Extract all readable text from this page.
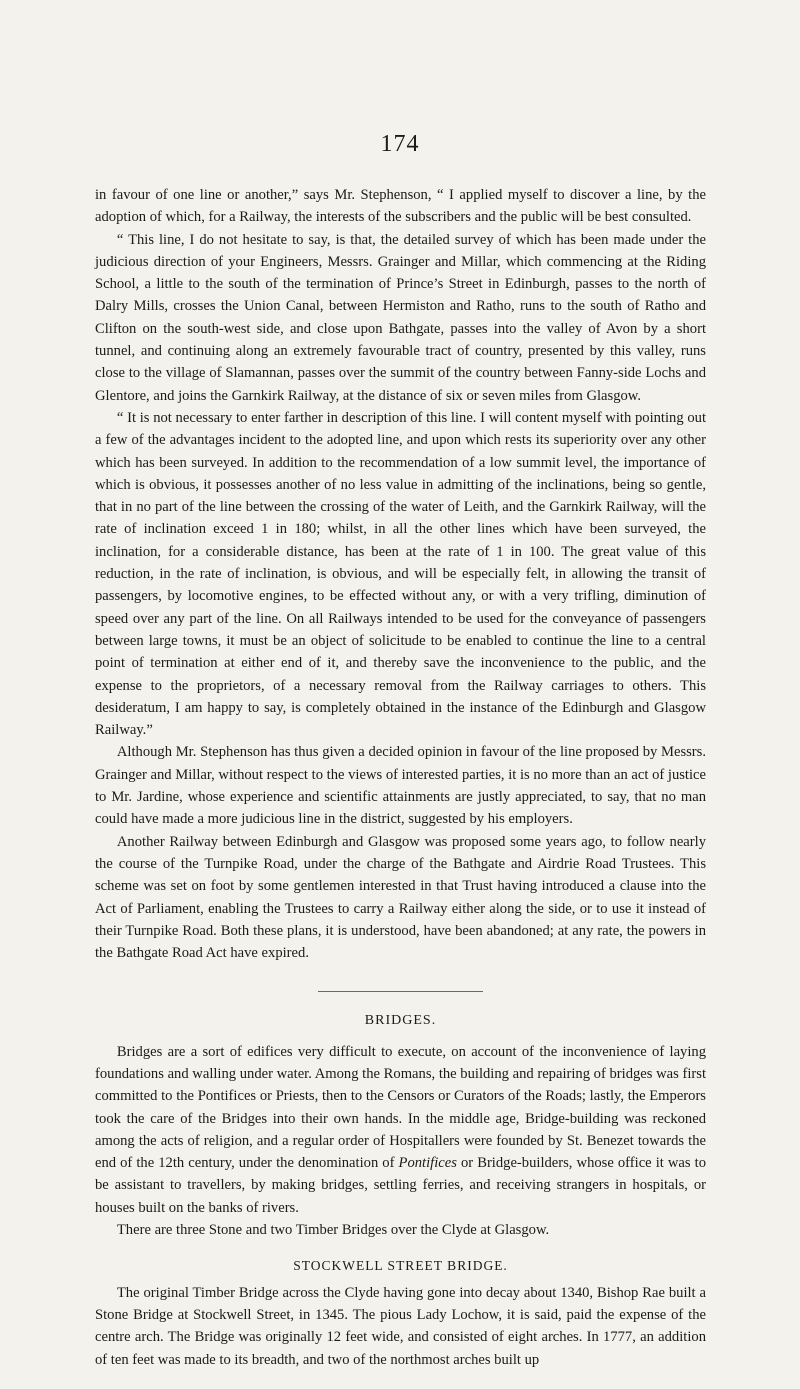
174

in favour of one line or another,” says Mr. Stephenson, “ I applied myself to discover a line, by the adoption of which, for a Railway, the interests of the subscribers and the public will be best consulted.

“ This line, I do not hesitate to say, is that, the detailed survey of which has been made under the judicious direction of your Engineers, Messrs. Grainger and Millar, which commencing at the Riding School, a little to the south of the termination of Prince’s Street in Edinburgh, passes to the north of Dalry Mills, crosses the Union Canal, between Hermiston and Ratho, runs to the south of Ratho and Clifton on the south-west side, and close upon Bathgate, passes into the valley of Avon by a short tunnel, and continuing along an extremely favourable tract of country, presented by this valley, runs close to the village of Slamannan, passes over the summit of the country between Fanny-side Lochs and Glentore, and joins the Garnkirk Railway, at the distance of six or seven miles from Glasgow.

“ It is not necessary to enter farther in description of this line. I will content myself with pointing out a few of the advantages incident to the adopted line, and upon which rests its superiority over any other which has been surveyed. In addition to the recommendation of a low summit level, the importance of which is obvious, it possesses another of no less value in admitting of the inclinations, being so gentle, that in no part of the line between the crossing of the water of Leith, and the Garnkirk Railway, will the rate of inclination exceed 1 in 180; whilst, in all the other lines which have been surveyed, the inclination, for a considerable distance, has been at the rate of 1 in 100. The great value of this reduction, in the rate of inclination, is obvious, and will be especially felt, in allowing the transit of passengers, by locomotive engines, to be effected without any, or with a very trifling, diminution of speed over any part of the line. On all Railways intended to be used for the conveyance of passengers between large towns, it must be an object of solicitude to be enabled to continue the line to a central point of termination at either end of it, and thereby save the inconvenience to the public, and the expense to the proprietors, of a necessary removal from the Railway carriages to others. This desideratum, I am happy to say, is completely obtained in the instance of the Edinburgh and Glasgow Railway.”

Although Mr. Stephenson has thus given a decided opinion in favour of the line proposed by Messrs. Grainger and Millar, without respect to the views of interested parties, it is no more than an act of justice to Mr. Jardine, whose experience and scientific attainments are justly appreciated, to say, that no man could have made a more judicious line in the district, suggested by his employers.

Another Railway between Edinburgh and Glasgow was proposed some years ago, to follow nearly the course of the Turnpike Road, under the charge of the Bathgate and Airdrie Road Trustees. This scheme was set on foot by some gentlemen interested in that Trust having introduced a clause into the Act of Parliament, enabling the Trustees to carry a Railway either along the side, or to use it instead of their Turnpike Road. Both these plans, it is understood, have been abandoned; at any rate, the powers in the Bathgate Road Act have expired.

BRIDGES.

Bridges are a sort of edifices very difficult to execute, on account of the inconvenience of laying foundations and walling under water. Among the Romans, the building and repairing of bridges was first committed to the Pontifices or Priests, then to the Censors or Curators of the Roads; lastly, the Emperors took the care of the Bridges into their own hands. In the middle age, Bridge-building was reckoned among the acts of religion, and a regular order of Hospitallers were founded by St. Benezet towards the end of the 12th century, under the denomination of Pontifices or Bridge-builders, whose office it was to be assistant to travellers, by making bridges, settling ferries, and receiving strangers in hospitals, or houses built on the banks of rivers.

There are three Stone and two Timber Bridges over the Clyde at Glasgow.

STOCKWELL STREET BRIDGE.

The original Timber Bridge across the Clyde having gone into decay about 1340, Bishop Rae built a Stone Bridge at Stockwell Street, in 1345. The pious Lady Lochow, it is said, paid the expense of the centre arch. The Bridge was originally 12 feet wide, and consisted of eight arches. In 1777, an addition of ten feet was made to its breadth, and two of the northmost arches built up
